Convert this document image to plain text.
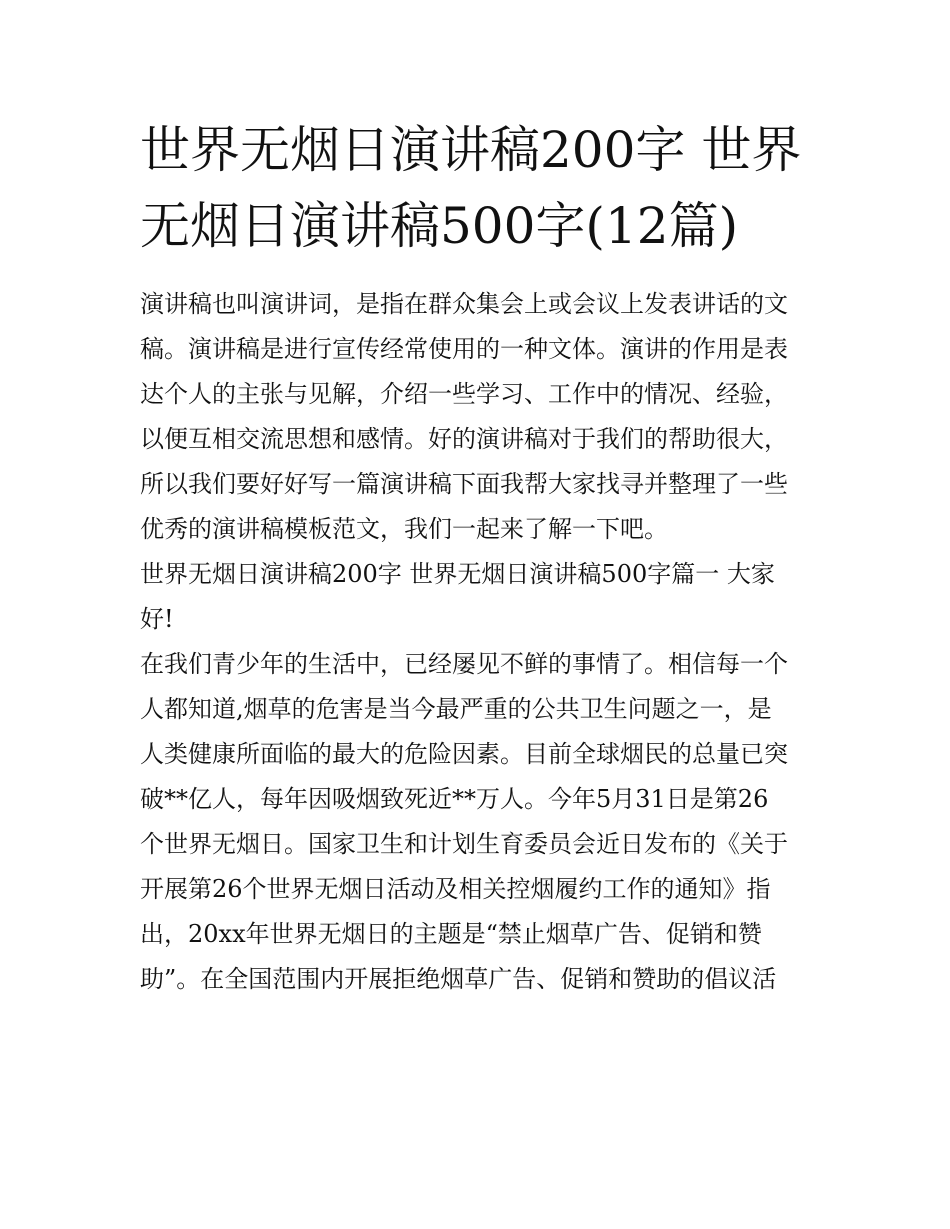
世界无烟日演讲稿200字 世界
无烟日演讲稿500字(12篇)
演讲稿也叫演讲词，是指在群众集会上或会议上发表讲话的文
稿。演讲稿是进行宣传经常使用的一种文体。演讲的作用是表
达个人的主张与见解，介绍一些学习、工作中的情况、经验，
以便互相交流思想和感情。好的演讲稿对于我们的帮助很大，
所以我们要好好写一篇演讲稿下面我帮大家找寻并整理了一些
优秀的演讲稿模板范文，我们一起来了解一下吧。
世界无烟日演讲稿200字 世界无烟日演讲稿500字篇一 大家
好!
在我们青少年的生活中，已经屡见不鲜的事情了。相信每一个
人都知道,烟草的危害是当今最严重的公共卫生问题之一，是
人类健康所面临的最大的危险因素。目前全球烟民的总量已突
破**亿人，每年因吸烟致死近**万人。今年5月31日是第26
个世界无烟日。国家卫生和计划生育委员会近日发布的《关于
开展第26个世界无烟日活动及相关控烟履约工作的通知》指
出，20xx年世界无烟日的主题是“禁止烟草广告、促销和赞
助”。在全国范围内开展拒绝烟草广告、促销和赞助的倡议活
